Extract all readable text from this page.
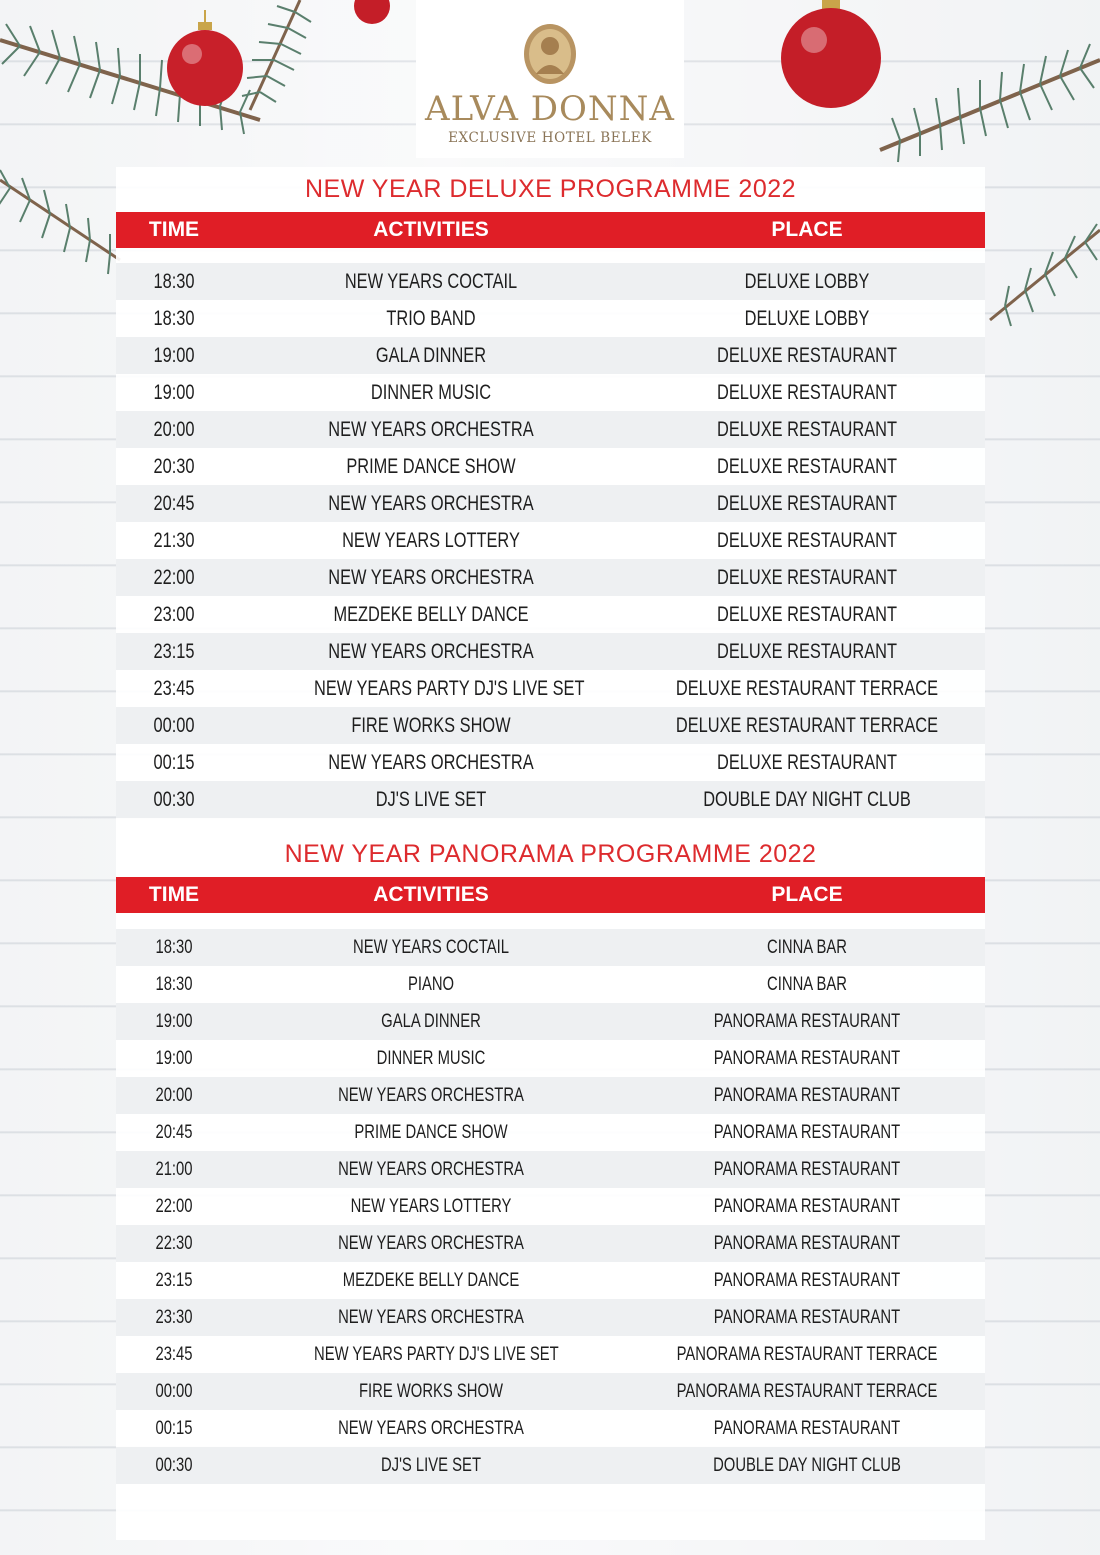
ALVA DONNA
EXCLUSIVE HOTEL BELEK
NEW YEAR DELUXE PROGRAMME 2022
TIME	ACTIVITIES	PLACE
18:30	NEW YEARS COCTAIL	DELUXE LOBBY
18:30	TRIO BAND	DELUXE LOBBY
19:00	GALA DINNER	DELUXE RESTAURANT
19:00	DINNER MUSIC	DELUXE RESTAURANT
20:00	NEW YEARS ORCHESTRA	DELUXE RESTAURANT
20:30	PRIME DANCE SHOW	DELUXE RESTAURANT
20:45	NEW YEARS ORCHESTRA	DELUXE RESTAURANT
21:30	NEW YEARS LOTTERY	DELUXE RESTAURANT
22:00	NEW YEARS ORCHESTRA	DELUXE RESTAURANT
23:00	MEZDEKE BELLY DANCE	DELUXE RESTAURANT
23:15	NEW YEARS ORCHESTRA	DELUXE RESTAURANT
23:45	NEW YEARS PARTY DJ'S LIVE SET	DELUXE RESTAURANT TERRACE
00:00	FIRE WORKS SHOW	DELUXE RESTAURANT TERRACE
00:15	NEW YEARS ORCHESTRA	DELUXE RESTAURANT
00:30	DJ'S LIVE SET	DOUBLE DAY NIGHT CLUB
NEW YEAR PANORAMA PROGRAMME 2022
TIME	ACTIVITIES	PLACE
18:30	NEW YEARS COCTAIL	CINNA BAR
18:30	PIANO	CINNA BAR
19:00	GALA DINNER	PANORAMA RESTAURANT
19:00	DINNER MUSIC	PANORAMA RESTAURANT
20:00	NEW YEARS ORCHESTRA	PANORAMA RESTAURANT
20:45	PRIME DANCE SHOW	PANORAMA RESTAURANT
21:00	NEW YEARS ORCHESTRA	PANORAMA RESTAURANT
22:00	NEW YEARS LOTTERY	PANORAMA RESTAURANT
22:30	NEW YEARS ORCHESTRA	PANORAMA RESTAURANT
23:15	MEZDEKE BELLY DANCE	PANORAMA RESTAURANT
23:30	NEW YEARS ORCHESTRA	PANORAMA RESTAURANT
23:45	NEW YEARS PARTY DJ'S LIVE SET	PANORAMA RESTAURANT TERRACE
00:00	FIRE WORKS SHOW	PANORAMA RESTAURANT TERRACE
00:15	NEW YEARS ORCHESTRA	PANORAMA RESTAURANT
00:30	DJ'S LIVE SET	DOUBLE DAY NIGHT CLUB
